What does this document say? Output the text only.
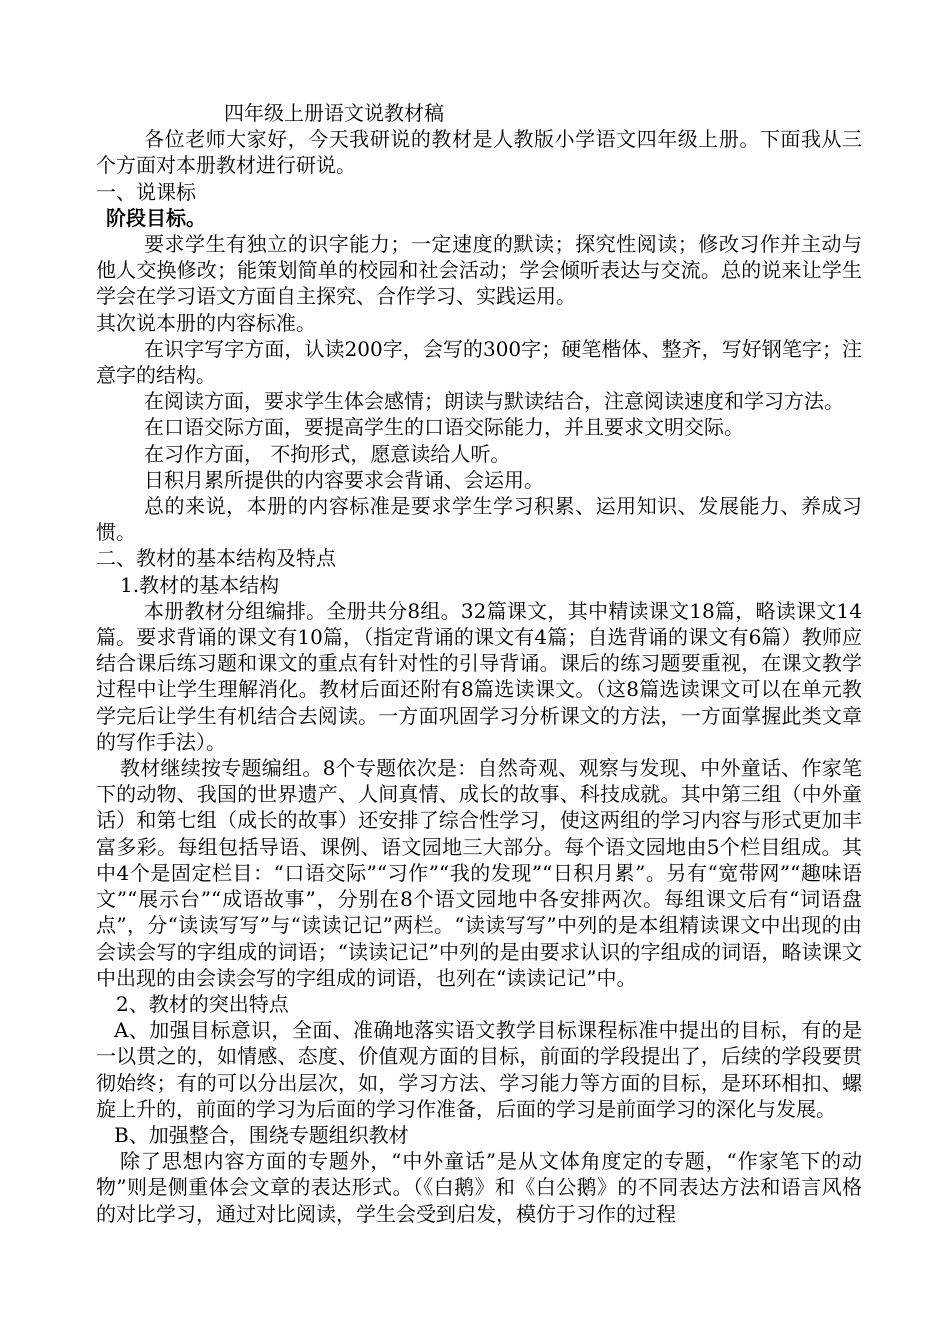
四年级上册语文说教材稿

各位老师大家好，今天我研说的教材是人教版小学语文四年级上册。下面我从三个方面对本册教材进行研说。

一、说课标

阶段目标。

要求学生有独立的识字能力；一定速度的默读；探究性阅读；修改习作并主动与他人交换修改；能策划简单的校园和社会活动；学会倾听表达与交流。总的说来让学生学会在学习语文方面自主探究、合作学习、实践运用。

其次说本册的内容标准。

在识字写字方面，认读200字，会写的300字；硬笔楷体、整齐，写好钢笔字；注意字的结构。

在阅读方面，要求学生体会感情；朗读与默读结合，注意阅读速度和学习方法。

在口语交际方面，要提高学生的口语交际能力，并且要求文明交际。

在习作方面， 不拘形式，愿意读给人听。

日积月累所提供的内容要求会背诵、会运用。

总的来说，本册的内容标准是要求学生学习积累、运用知识、发展能力、养成习惯。

二、教材的基本结构及特点

1.教材的基本结构

本册教材分组编排。全册共分8组。32篇课文，其中精读课文18篇，略读课文14篇。要求背诵的课文有10篇，（指定背诵的课文有4篇；自选背诵的课文有6篇）教师应结合课后练习题和课文的重点有针对性的引导背诵。课后的练习题要重视，在课文教学过程中让学生理解消化。教材后面还附有8篇选读课文。（这8篇选读课文可以在单元教学完后让学生有机结合去阅读。一方面巩固学习分析课文的方法，一方面掌握此类文章的写作手法）。

教材继续按专题编组。8个专题依次是：自然奇观、观察与发现、中外童话、作家笔下的动物、我国的世界遗产、人间真情、成长的故事、科技成就。其中第三组（中外童话）和第七组（成长的故事）还安排了综合性学习，使这两组的学习内容与形式更加丰富多彩。每组包括导语、课例、语文园地三大部分。每个语文园地由5个栏目组成。其中4个是固定栏目：“口语交际”“习作”“我的发现”“日积月累”。另有“宽带网”“趣味语文”“展示台”“成语故事”，分别在8个语文园地中各安排两次。每组课文后有“词语盘点”，分“读读写写”与“读读记记”两栏。“读读写写”中列的是本组精读课文中出现的由会读会写的字组成的词语；“读读记记”中列的是由要求认识的字组成的词语，略读课文中出现的由会读会写的字组成的词语，也列在“读读记记”中。

2、教材的突出特点

A、加强目标意识，全面、准确地落实语文教学目标课程标准中提出的目标，有的是一以贯之的，如情感、态度、价值观方面的目标，前面的学段提出了，后续的学段要贯彻始终；有的可以分出层次，如，学习方法、学习能力等方面的目标，是环环相扣、螺旋上升的，前面的学习为后面的学习作准备，后面的学习是前面学习的深化与发展。

B、加强整合，围绕专题组织教材

除了思想内容方面的专题外，“中外童话”是从文体角度定的专题，“作家笔下的动物”则是侧重体会文章的表达形式。（《白鹅》和《白公鹅》的不同表达方法和语言风格的对比学习，通过对比阅读，学生会受到启发，模仿于习作的过程
